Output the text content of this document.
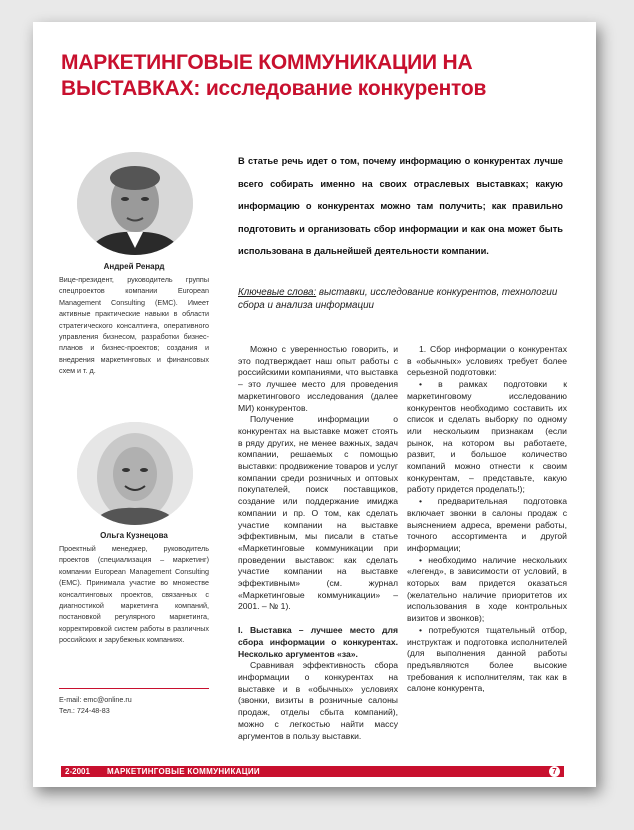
МАРКЕТИНГОВЫЕ КОММУНИКАЦИИ НА
ВЫСТАВКАХ: исследование конкурентов
Андрей Ренард
Вице-президент, руководитель группы спецпроектов компании European Management Consulting (EMC). Имеет активные практические навыки в области стратегического консалтинга, оперативного управления бизнесом, разработки бизнес-планов и бизнес-проектов; создания и внедрения маркетинговых и финансовых схем и т. д.
Ольга Кузнецова
Проектный менеджер, руководитель проектов (специализация – маркетинг) компании European Management Consulting (EMC). Принимала участие во множестве консалтинговых проектов, связанных с диагностикой маркетинга компаний, постановкой регулярного маркетинга, корректировкой систем работы в различных российских и зарубежных компаниях.
E-mail: emc@online.ru
Тел.: 724-48-83
В статье речь идет о том, почему информацию о конкурентах лучше всего собирать именно на своих отраслевых выставках; какую информацию о конкурентах можно там получить; как правильно подготовить и организовать сбор информации и как она может быть использована в дальнейшей деятельности компании.
Ключевые слова: выставки, исследование конкурентов, технологии сбора и анализа информации

Можно с уверенностью говорить, и это подтверждает наш опыт работы с российскими компаниями, что выставка – это лучшее место для проведения маркетингового исследования (далее МИ) конкурентов.

Получение информации о конкурентах на выставке может стоять в ряду других, не менее важных, задач компании, решаемых с помощью выставки: продвижение товаров и услуг компании среди розничных и оптовых покупателей, поиск поставщиков, создание или поддержание имиджа компании и пр. О том, как сделать участие компании на выставке эффективным, мы писали в статье «Маркетинговые коммуникации при проведении выставок: как сделать участие компании на выставке эффективным» (см. журнал «Маркетинговые коммуникации» – 2001. – № 1).

I. Выставка – лучшее место для сбора информации о конкурентах. Несколько аргументов «за».

Сравнивая эффективность сбора информации о конкурентах на выставке и в «обычных» условиях (звонки, визиты в розничные салоны продаж, отделы сбыта компаний), можно с легкостью найти массу аргументов в пользу выставки.

1. Сбор информации о конкурентах в «обычных» условиях требует более серьезной подготовки:

• в рамках подготовки к маркетинговому исследованию конкурентов необходимо составить их список и сделать выборку по одному или нескольким признакам (если рынок, на котором вы работаете, развит, и большое количество компаний можно отнести к своим конкурентам, – представьте, какую работу придется проделать!);

• предварительная подготовка включает звонки в салоны продаж с выяснением адреса, времени работы, точного ассортимента и другой информации;

• необходимо наличие нескольких «легенд», в зависимости от условий, в которых вам придется оказаться (желательно наличие приоритетов их использования в ходе контрольных визитов и звонков);

• потребуются тщательный отбор, инструктаж и подготовка исполнителей (для выполнения данной работы предъявляются более высокие требования к исполнителям, так как в салоне конкурента,

2-2001 МАРКЕТИНГОВЫЕ КОММУНИКАЦИИ	7
